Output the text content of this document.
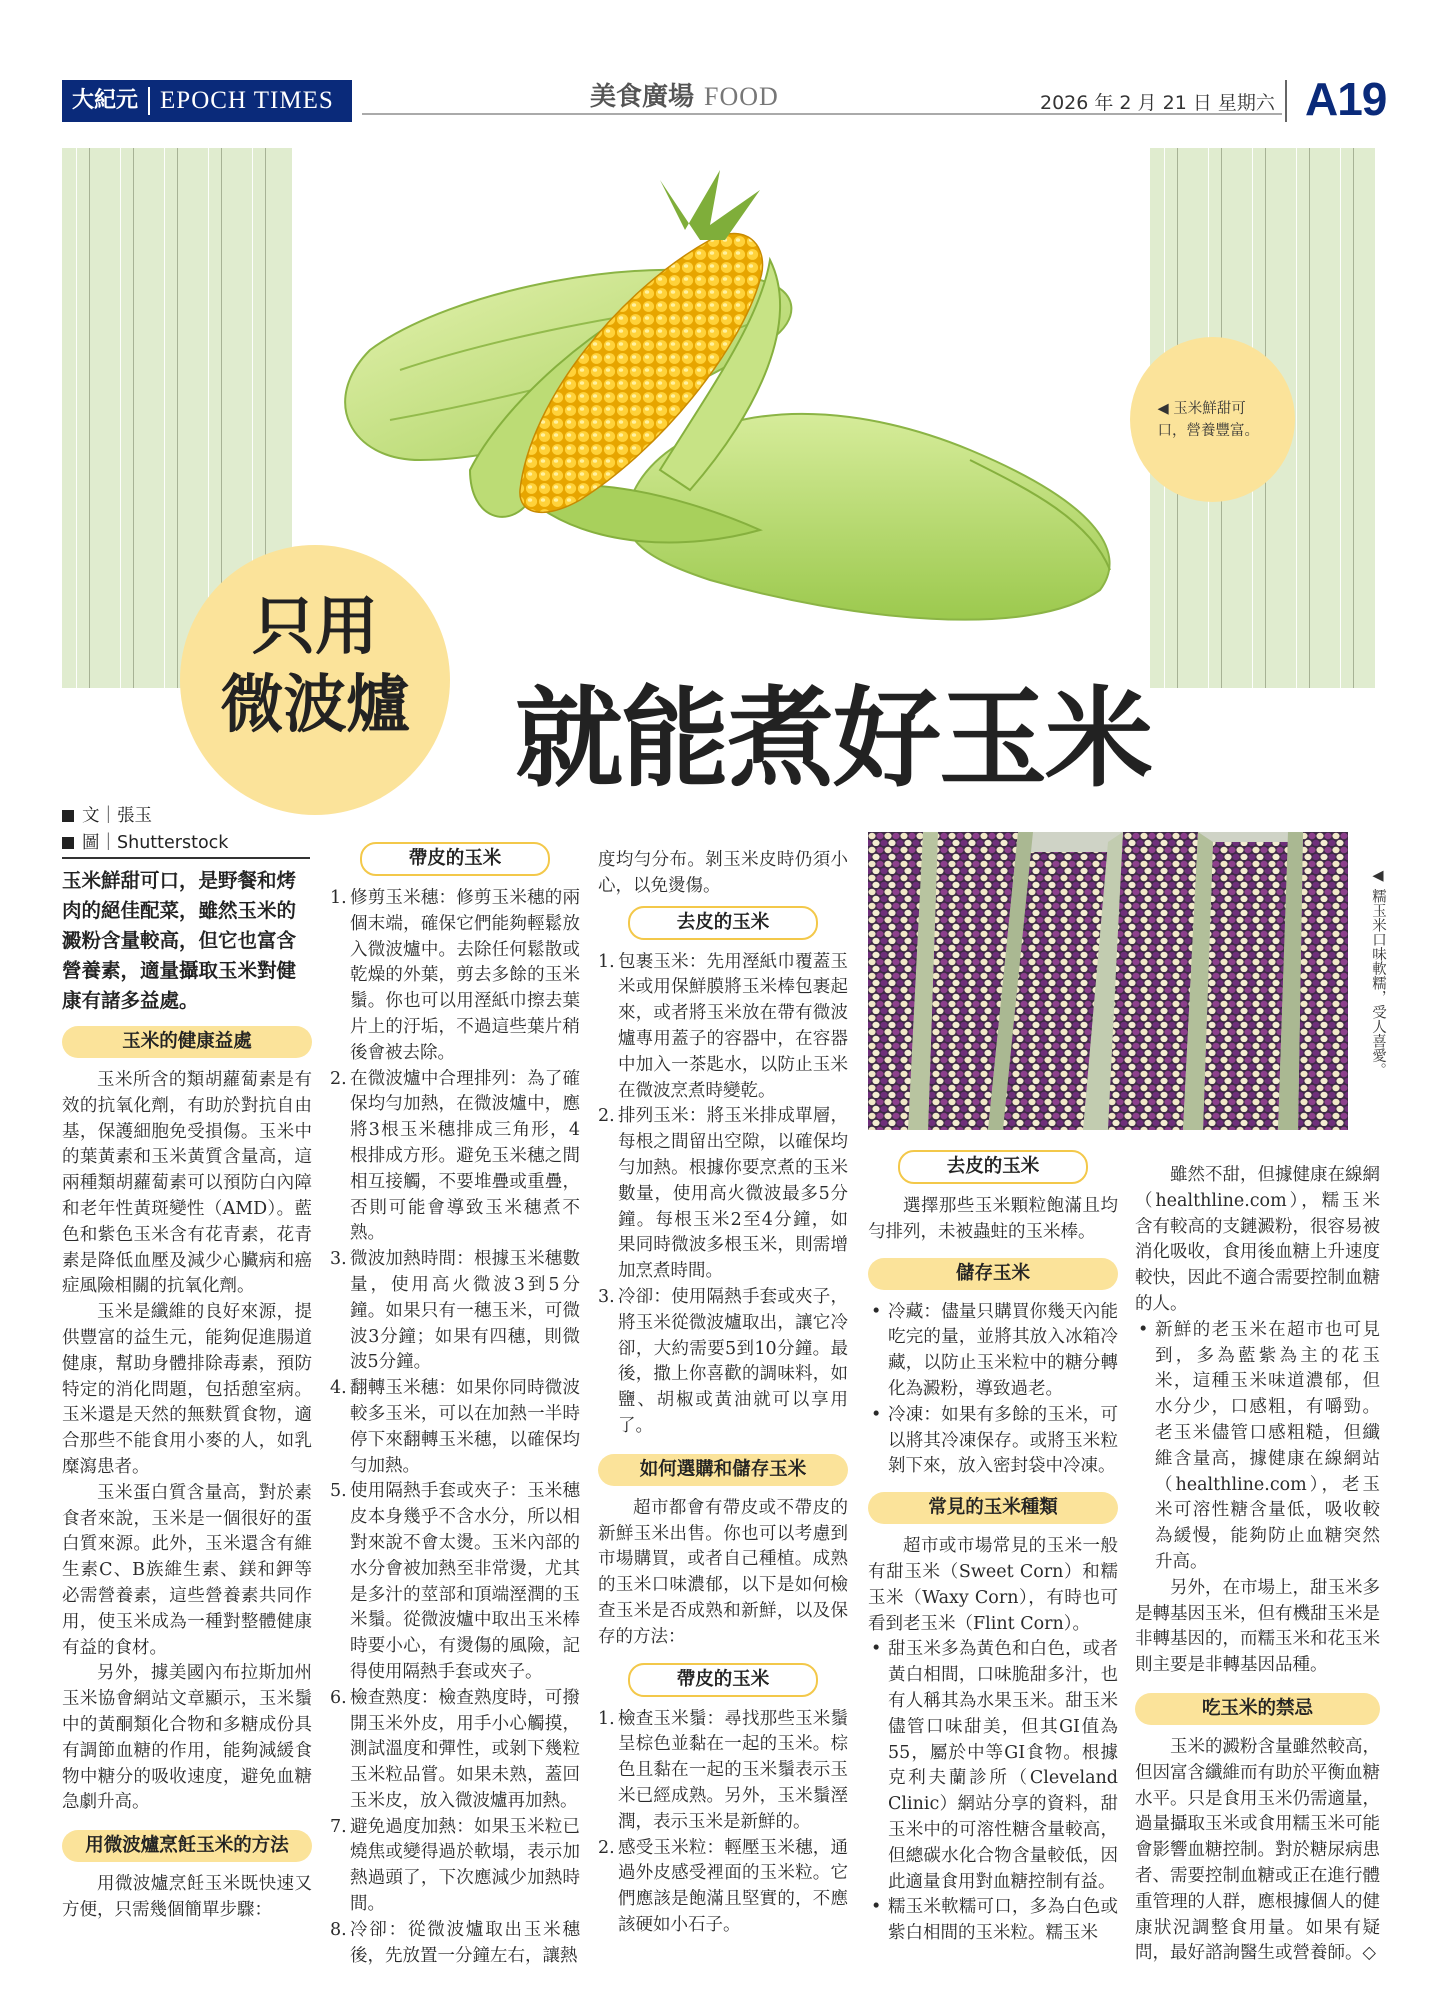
大紀元 EPOCH TIMES	美食廣場 FOOD	2026 年 2 月 21 日 星期六 A19
◀ 玉米鮮甜可口，營養豐富。
只用
微波爐 就能煮好玉米
文｜張玉
圖｜Shutterstock
玉米鮮甜可口，是野餐和烤肉的絕佳配菜，雖然玉米的澱粉含量較高，但它也富含營養素，適量攝取玉米對健康有諸多益處。
玉米的健康益處

玉米所含的類胡蘿蔔素是有效的抗氧化劑，有助於對抗自由基，保護細胞免受損傷。玉米中的葉黃素和玉米黃質含量高，這兩種類胡蘿蔔素可以預防白內障和老年性黃斑變性（AMD）。藍色和紫色玉米含有花青素，花青素是降低血壓及減少心臟病和癌症風險相關的抗氧化劑。

玉米是纖維的良好來源，提供豐富的益生元，能夠促進腸道健康，幫助身體排除毒素，預防特定的消化問題，包括憩室病。玉米還是天然的無麩質食物，適合那些不能食用小麥的人，如乳糜瀉患者。

玉米蛋白質含量高，對於素食者來說，玉米是一個很好的蛋白質來源。此外，玉米還含有維生素C、B族維生素、鎂和鉀等必需營養素，這些營養素共同作用，使玉米成為一種對整體健康有益的食材。

另外，據美國內布拉斯加州玉米協會網站文章顯示，玉米鬚中的黃酮類化合物和多糖成份具有調節血糖的作用，能夠減緩食物中糖分的吸收速度，避免血糖急劇升高。

用微波爐烹飪玉米的方法

用微波爐烹飪玉米既快速又方便，只需幾個簡單步驟：

帶皮的玉米
1. 修剪玉米穗：修剪玉米穗的兩個末端，確保它們能夠輕鬆放入微波爐中。去除任何鬆散或乾燥的外葉，剪去多餘的玉米鬚。你也可以用溼紙巾擦去葉片上的汙垢，不過這些葉片稍後會被去除。
2. 在微波爐中合理排列：為了確保均勻加熱，在微波爐中，應將3根玉米穗排成三角形，4根排成方形。避免玉米穗之間相互接觸，不要堆疊或重疊，否則可能會導致玉米穗煮不熟。
3. 微波加熱時間：根據玉米穗數量，使用高火微波3到5分鐘。如果只有一穗玉米，可微波3分鐘；如果有四穗，則微波5分鐘。
4. 翻轉玉米穗：如果你同時微波較多玉米，可以在加熱一半時停下來翻轉玉米穗，以確保均勻加熱。
5. 使用隔熱手套或夾子：玉米穗皮本身幾乎不含水分，所以相對來說不會太燙。玉米內部的水分會被加熱至非常燙，尤其是多汁的莖部和頂端溼潤的玉米鬚。從微波爐中取出玉米棒時要小心，有燙傷的風險，記得使用隔熱手套或夾子。
6. 檢查熟度：檢查熟度時，可撥開玉米外皮，用手小心觸摸，測試溫度和彈性，或剝下幾粒玉米粒品嘗。如果未熟，蓋回玉米皮，放入微波爐再加熱。
7. 避免過度加熱：如果玉米粒已燒焦或變得過於軟塌，表示加熱過頭了，下次應減少加熱時間。
8. 冷卻：從微波爐取出玉米穗後，先放置一分鐘左右，讓熱

度均勻分布。剝玉米皮時仍須小心，以免燙傷。

去皮的玉米
1. 包裹玉米：先用溼紙巾覆蓋玉米或用保鮮膜將玉米棒包裹起來，或者將玉米放在帶有微波爐專用蓋子的容器中，在容器中加入一茶匙水，以防止玉米在微波烹煮時變乾。
2. 排列玉米：將玉米排成單層，每根之間留出空隙，以確保均勻加熱。根據你要烹煮的玉米數量，使用高火微波最多5分鐘。每根玉米2至4分鐘，如果同時微波多根玉米，則需增加烹煮時間。
3. 冷卻：使用隔熱手套或夾子，將玉米從微波爐取出，讓它冷卻，大約需要5到10分鐘。最後，撒上你喜歡的調味料，如鹽、胡椒或黃油就可以享用了。
如何選購和儲存玉米

超市都會有帶皮或不帶皮的新鮮玉米出售。你也可以考慮到市場購買，或者自己種植。成熟的玉米口味濃郁，以下是如何檢查玉米是否成熟和新鮮，以及保存的方法：

帶皮的玉米
1. 檢查玉米鬚：尋找那些玉米鬚呈棕色並黏在一起的玉米。棕色且黏在一起的玉米鬚表示玉米已經成熟。另外，玉米鬚溼潤，表示玉米是新鮮的。
2. 感受玉米粒：輕壓玉米穗，通過外皮感受裡面的玉米粒。它們應該是飽滿且堅實的，不應該硬如小石子。
◀ 糯玉米口味軟糯，受人喜愛。
去皮的玉米

選擇那些玉米顆粒飽滿且均勻排列，未被蟲蛀的玉米棒。

儲存玉米
• 冷藏：儘量只購買你幾天內能吃完的量，並將其放入冰箱冷藏，以防止玉米粒中的糖分轉化為澱粉，導致過老。
• 冷凍：如果有多餘的玉米，可以將其冷凍保存。或將玉米粒剝下來，放入密封袋中冷凍。
常見的玉米種類

超市或市場常見的玉米一般有甜玉米（Sweet Corn）和糯玉米（Waxy Corn），有時也可看到老玉米（Flint Corn）。

• 甜玉米多為黃色和白色，或者黃白相間，口味脆甜多汁，也有人稱其為水果玉米。甜玉米儘管口味甜美，但其GI值為55，屬於中等GI食物。根據克利夫蘭診所（Cleveland Clinic）網站分享的資料，甜玉米中的可溶性糖含量較高，但總碳水化合物含量較低，因此適量食用對血糖控制有益。
• 糯玉米軟糯可口，多為白色或紫白相間的玉米粒。糯玉米

雖然不甜，但據健康在線網（healthline.com），糯玉米含有較高的支鏈澱粉，很容易被消化吸收，食用後血糖上升速度較快，因此不適合需要控制血糖的人。

• 新鮮的老玉米在超市也可見到，多為藍紫為主的花玉米，這種玉米味道濃郁，但水分少，口感粗，有嚼勁。老玉米儘管口感粗糙，但纖維含量高，據健康在線網站（healthline.com），老玉米可溶性糖含量低，吸收較為緩慢，能夠防止血糖突然升高。

另外，在市場上，甜玉米多是轉基因玉米，但有機甜玉米是非轉基因的，而糯玉米和花玉米則主要是非轉基因品種。

吃玉米的禁忌

玉米的澱粉含量雖然較高，但因富含纖維而有助於平衡血糖水平。只是食用玉米仍需適量，過量攝取玉米或食用糯玉米可能會影響血糖控制。對於糖尿病患者、需要控制血糖或正在進行體重管理的人群，應根據個人的健康狀況調整食用量。如果有疑問，最好諮詢醫生或營養師。◇
